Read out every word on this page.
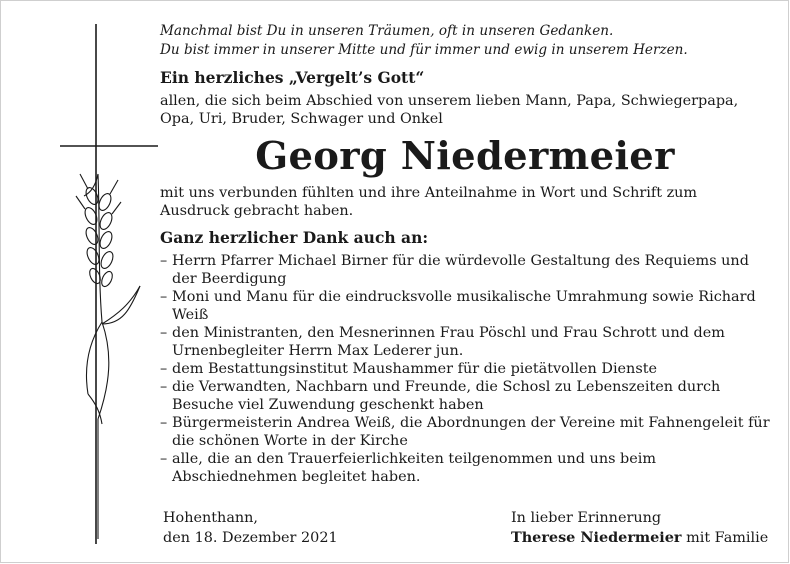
Manchmal bist Du in unseren Träumen, oft in unseren Gedanken.

Du bist immer in unserer Mitte und für immer und ewig in unserem Herzen.

Ein herzliches „Vergelt’s Gott“

allen, die sich beim Abschied von unserem lieben Mann, Papa, Schwiegerpapa, Opa, Uri, Bruder, Schwager und Onkel

Georg Niedermeier

mit uns verbunden fühlten und ihre Anteilnahme in Wort und Schrift zum Ausdruck gebracht haben.

Ganz herzlicher Dank auch an:
– Herrn Pfarrer Michael Birner für die würdevolle Gestaltung des Requiems und der Beerdigung
– Moni und Manu für die eindrucksvolle musikalische Umrahmung sowie Richard Weiß
– den Ministranten, den Mesnerinnen Frau Pöschl und Frau Schrott und dem Urnenbegleiter Herrn Max Lederer jun.
– dem Bestattungsinstitut Maushammer für die pietätvollen Dienste
– die Verwandten, Nachbarn und Freunde, die Schosl zu Lebenszeiten durch Besuche viel Zuwendung geschenkt haben
– Bürgermeisterin Andrea Weiß, die Abordnungen der Vereine mit Fahnengeleit für die schönen Worte in der Kirche
– alle, die an den Trauerfeierlichkeiten teilgenommen und uns beim Abschiednehmen begleitet haben.
Hohenthann,
den 18. Dezember 2021
In lieber Erinnerung
Therese Niedermeier mit Familie
